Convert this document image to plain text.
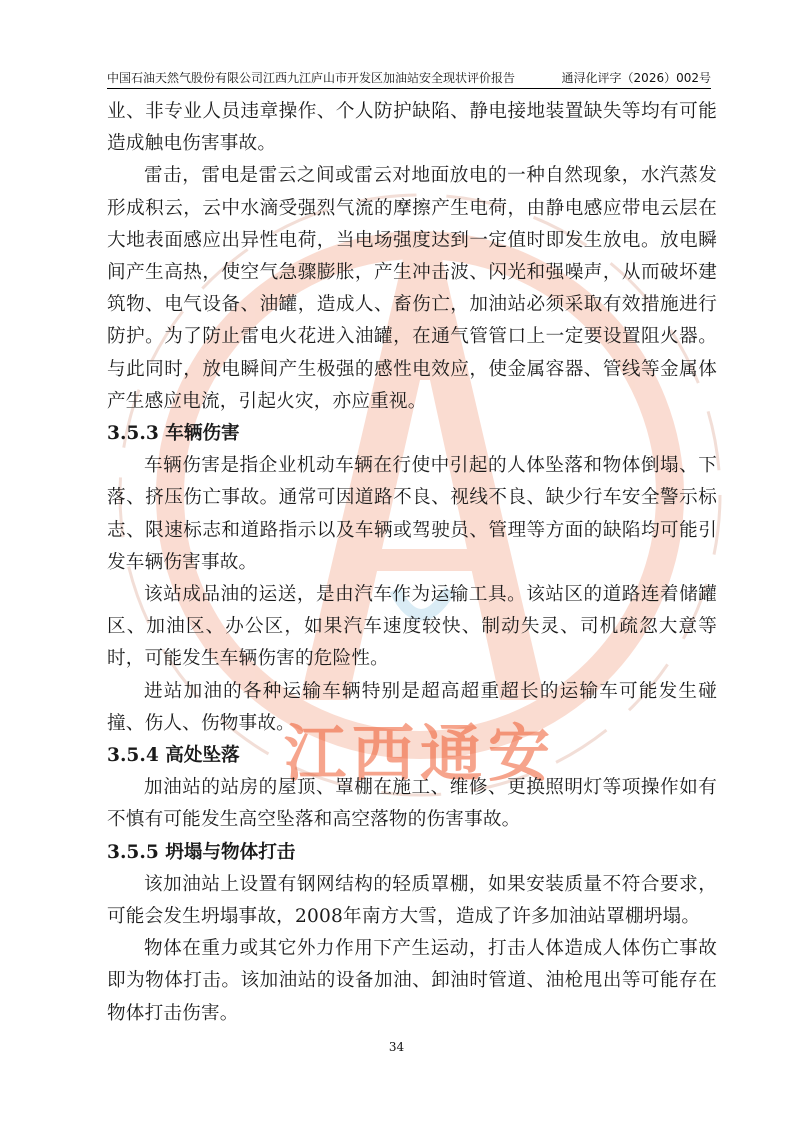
江西通安
中国石油天然气股份有限公司江西九江庐山市开发区加油站安全现状评价报告	通浔化评字（2026）002号

业、非专业人员违章操作、个人防护缺陷、静电接地装置缺失等均有可能造成触电伤害事故。

雷击，雷电是雷云之间或雷云对地面放电的一种自然现象，水汽蒸发形成积云，云中水滴受强烈气流的摩擦产生电荷，由静电感应带电云层在大地表面感应出异性电荷，当电场强度达到一定值时即发生放电。放电瞬间产生高热，使空气急骤膨胀，产生冲击波、闪光和强噪声，从而破坏建筑物、电气设备、油罐，造成人、畜伤亡，加油站必须采取有效措施进行防护。为了防止雷电火花进入油罐，在通气管管口上一定要设置阻火器。与此同时，放电瞬间产生极强的感性电效应，使金属容器、管线等金属体产生感应电流，引起火灾，亦应重视。

3.5.3 车辆伤害

车辆伤害是指企业机动车辆在行使中引起的人体坠落和物体倒塌、下落、挤压伤亡事故。通常可因道路不良、视线不良、缺少行车安全警示标志、限速标志和道路指示以及车辆或驾驶员、管理等方面的缺陷均可能引发车辆伤害事故。

该站成品油的运送，是由汽车作为运输工具。该站区的道路连着储罐区、加油区、办公区，如果汽车速度较快、制动失灵、司机疏忽大意等时，可能发生车辆伤害的危险性。

进站加油的各种运输车辆特别是超高超重超长的运输车可能发生碰撞、伤人、伤物事故。

3.5.4 高处坠落

加油站的站房的屋顶、罩棚在施工、维修、更换照明灯等项操作如有不慎有可能发生高空坠落和高空落物的伤害事故。

3.5.5 坍塌与物体打击

该加油站上设置有钢网结构的轻质罩棚，如果安装质量不符合要求，可能会发生坍塌事故，2008年南方大雪，造成了许多加油站罩棚坍塌。

物体在重力或其它外力作用下产生运动，打击人体造成人体伤亡事故即为物体打击。该加油站的设备加油、卸油时管道、油枪甩出等可能存在物体打击伤害。

34
